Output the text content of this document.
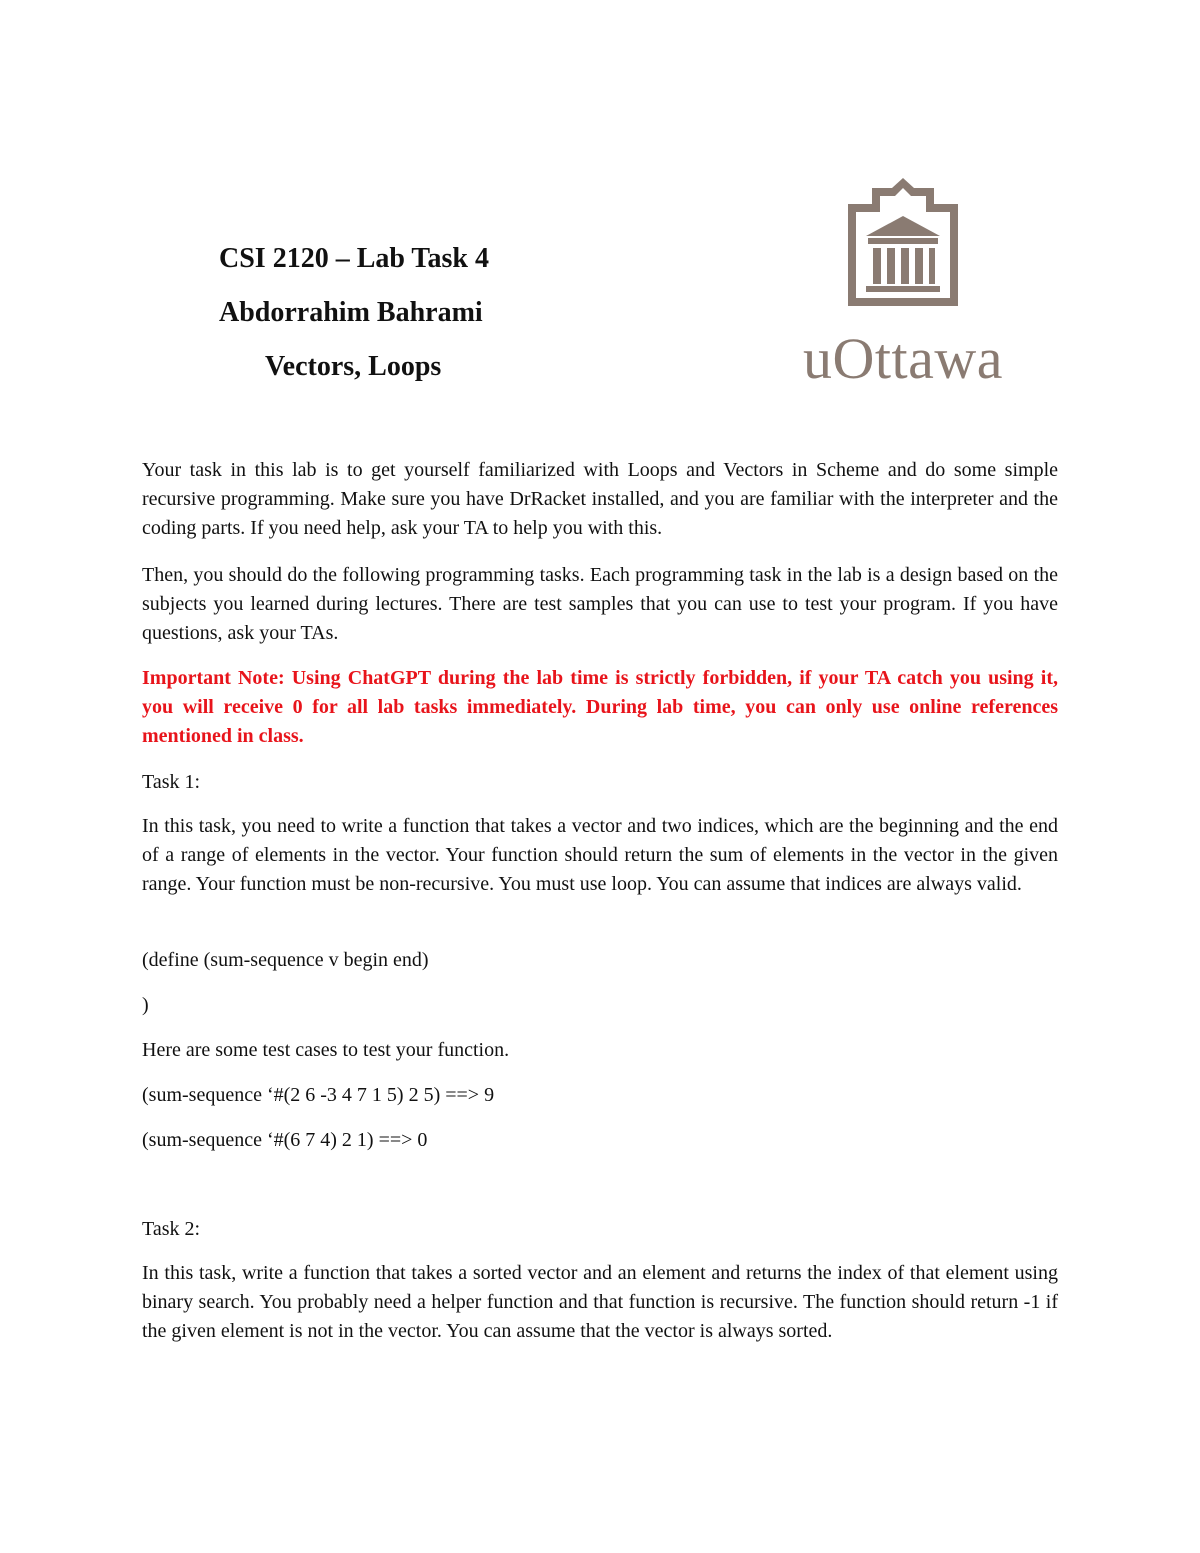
CSI 2120 – Lab Task 4
Abdorrahim Bahrami
Vectors, Loops	uOttawa
Your task in this lab is to get yourself familiarized with Loops and Vectors in Scheme and do some simple recursive programming. Make sure you have DrRacket installed, and you are familiar with the interpreter and the coding parts. If you need help, ask your TA to help you with this.
Then, you should do the following programming tasks. Each programming task in the lab is a design based on the subjects you learned during lectures. There are test samples that you can use to test your program. If you have questions, ask your TAs.
Important Note: Using ChatGPT during the lab time is strictly forbidden, if your TA catch you using it, you will receive 0 for all lab tasks immediately. During lab time, you can only use online references mentioned in class.
Task 1:
In this task, you need to write a function that takes a vector and two indices, which are the beginning and the end of a range of elements in the vector. Your function should return the sum of elements in the vector in the given range. Your function must be non-recursive. You must use loop. You can assume that indices are always valid.
(define (sum-sequence v begin end)
)
Here are some test cases to test your function.
(sum-sequence ‘#(2 6 -3 4 7 1 5) 2 5) ==> 9
(sum-sequence ‘#(6 7 4) 2 1) ==> 0
Task 2:
In this task, write a function that takes a sorted vector and an element and returns the index of that element using binary search. You probably need a helper function and that function is recursive. The function should return -1 if the given element is not in the vector. You can assume that the vector is always sorted.
